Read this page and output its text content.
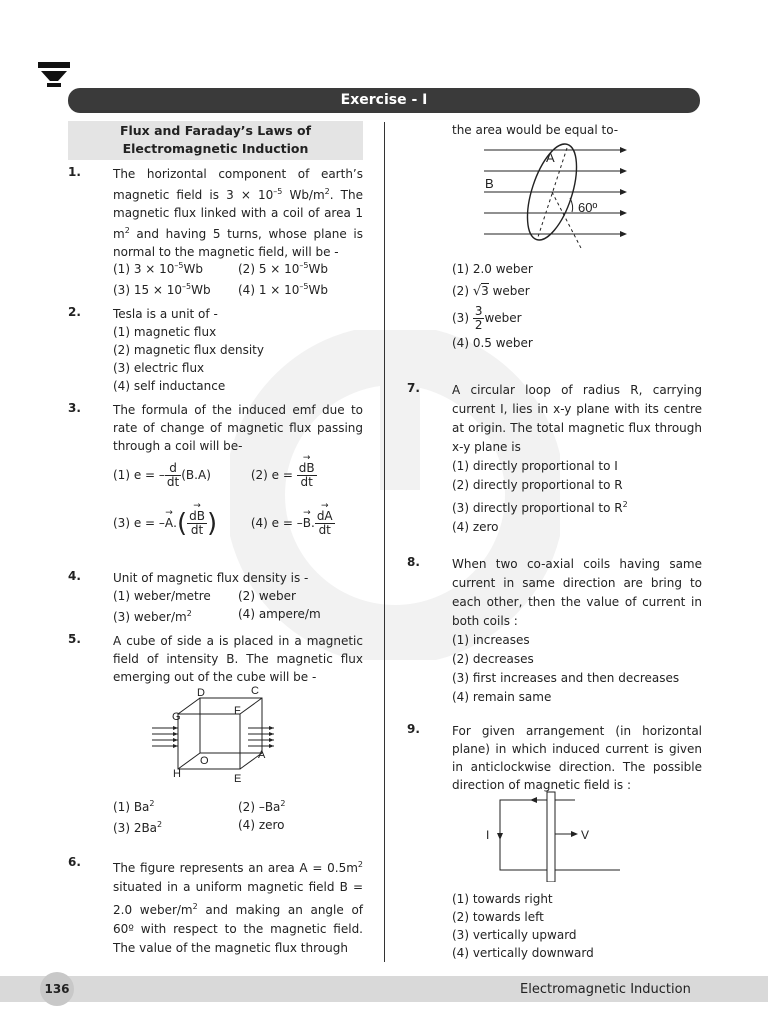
Exercise - I
Flux and Faraday’s Laws of
Electromagnetic Induction
1.	The horizontal component of earth’s magnetic field is $3 \times 10^{-5}$ $Wb/m^2$. The magnetic flux linked with a coil of area 1 $m^2$ and having 5 turns, whose plane is normal to the magnetic field, will be -
(1) $3 \times 10^{-5}Wb$	(2) $5 \times 10^{-5}Wb$
(3) $15 \times 10^{-5}Wb$	(4) $1 \times 10^{-5}Wb$
2.	Tesla is a unit of -
(1) magnetic flux
(2) magnetic flux density
(3) electric flux
(4) self inductance
3.	The formula of the induced emf due to rate of change of magnetic flux passing through a coil will be-
(1) e = – $\frac{d}{dt} (B.A)$	(2) e =
→ $\frac{dB}{dt}$
(3) e = –→ A.(
→ $\frac{dB}{dt}$ )	(4) e = –→ B.
→ $\frac{dA}{dt}$
4.	Unit of magnetic flux density is -
(1) weber/metre	(2) weber
(3) weber/$m^2$	(4) ampere/m
5.	A cube of side a is placed in a magnetic field of intensity B. The magnetic flux emerging out of the cube will be -
D	C
G	F
O	A
H	E
(1) Ba$^2$	(2) –Ba$^2$
(3) 2Ba$^2$	(4) zero
6.	The figure represents an area $A = 0.5m^2$ situated in a uniform magnetic field B = 2.0 weber/$m^2$ and making an angle of 60º with respect to the magnetic field. The value of the magnetic flux through
the area would be equal to-
A
B
60º
(1) 2.0 weber
(2) √3 weber
$(3) \frac{3}{2}$ weber
(4) 0.5 weber
7.	A circular loop of radius R, carrying current I, lies in x-y plane with its centre at origin. The total magnetic flux through x-y plane is
(1) directly proportional to I
(2) directly proportional to R
(3) directly proportional to $R^2$
(4) zero
8.	When two co-axial coils having same current in same direction are bring to each other, then the value of current in both coils :
(1) increases
(2) decreases
(3) first increases and then decreases
(4) remain same
9.	For given arrangement (in horizontal plane) in which induced current is given in anticlockwise direction. The possible direction of magnetic field is :
I	V
(1) towards right
(2) towards left
(3) vertically upward
(4) vertically downward
136	Electromagnetic Induction
